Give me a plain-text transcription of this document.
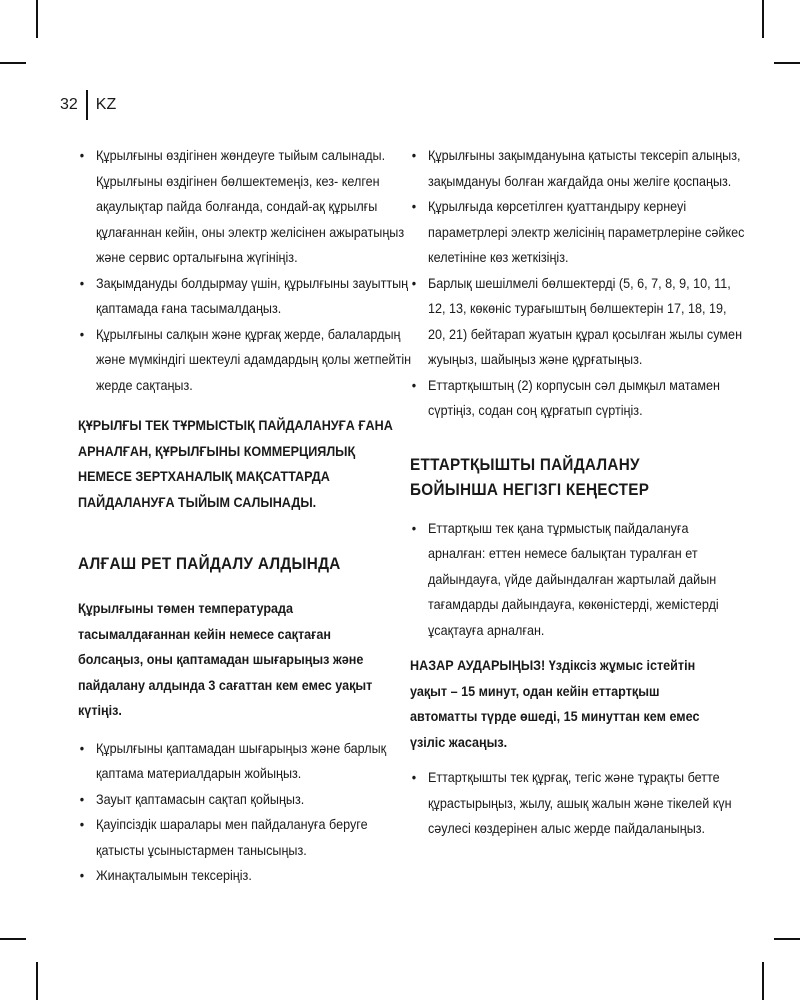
32	KZ
• Құрылғыны өздігінен жөндеуге тыйым салынады. Құрылғыны өздігінен бөлшектемеңіз, кез- келген ақаулықтар пайда болғанда, сондай-ақ құрылғы құлағаннан кейін, оны электр желісінен ажыратыңыз және сервис орталығына жүгініңіз.
• Зақымдануды болдырмау үшін, құрылғыны зауыттың қаптамада ғана тасымалдаңыз.
• Құрылғыны салқын және құрғақ жерде, балалардың және мүмкіндігі шектеулі адамдардың қолы жетпейтін жерде сақтаңыз.

ҚҰРЫЛҒЫ ТЕК ТҰРМЫСТЫҚ ПАЙДАЛАНУҒА ҒАНА АРНАЛҒАН, ҚҰРЫЛҒЫНЫ КОММЕРЦИЯЛЫҚ НЕМЕСЕ ЗЕРТХАНАЛЫҚ МАҚСАТТАРДА ПАЙДАЛАНУҒА ТЫЙЫМ САЛЫНАДЫ.

АЛҒАШ РЕТ ПАЙДАЛУ АЛДЫНДА

Құрылғыны төмен температурада тасымалдағаннан кейін немесе сақтаған болсаңыз, оны қаптамадан шығарыңыз және пайдалану алдында 3 сағаттан кем емес уақыт күтіңіз.

• Құрылғыны қаптамадан шығарыңыз және барлық қаптама материалдарын жойыңыз.
• Зауыт қаптамасын сақтап қойыңыз.
• Қауіпсіздік шаралары мен пайдалануға беруге қатысты ұсыныстармен танысыңыз.
• Жинақталымын тексеріңіз.
• Құрылғыны зақымдануына қатысты тексеріп алыңыз, зақымдануы болған жағдайда оны желіге қоспаңыз.
• Құрылғыда көрсетілген қуаттандыру кернеуі параметрлері электр желісінің параметрлеріне сәйкес келетініне көз жеткізіңіз.
• Барлық шешілмелі бөлшектерді (5, 6, 7, 8, 9, 10, 11, 12, 13, көкөніс турағыштың бөлшектерін 17, 18, 19, 20, 21) бейтарап жуатын құрал қосылған жылы сумен жуыңыз, шайыңыз және құрғатыңыз.
• Еттартқыштың (2) корпусын сәл дымқыл матамен сүртіңіз, содан соң құрғатып сүртіңіз.
ЕТТАРТҚЫШТЫ ПАЙДАЛАНУ БОЙЫНША НЕГІЗГІ КЕҢЕСТЕР
• Еттартқыш тек қана тұрмыстық пайдалануға арналған: еттен немесе балықтан туралған ет дайындауға, үйде дайындалған жартылай дайын тағамдарды дайындауға, көкөністерді, жемістерді ұсақтауға арналған.

НАЗАР АУДАРЫҢЫЗ! Үздіксіз жұмыс істейтін уақыт – 15 минут, одан кейін еттартқыш автоматты түрде өшеді, 15 минуттан кем емес үзіліс жасаңыз.

• Еттартқышты тек құрғақ, тегіс және тұрақты бетте құрастырыңыз, жылу, ашық жалын және тікелей күн сәулесі көздерінен алыс жерде пайдаланыңыз.
